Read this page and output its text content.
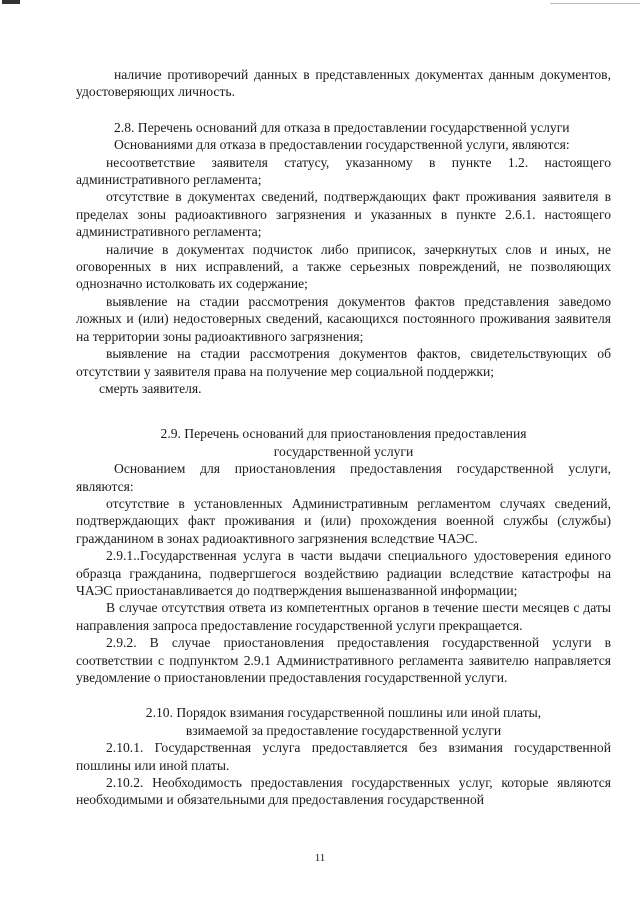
наличие противоречий данных в представленных документах данным документов, удостоверяющих личность.

2.8. Перечень оснований для отказа в предоставлении государственной услуги

Основаниями для отказа в предоставлении государственной услуги, являются:

несоответствие заявителя статусу, указанному в пункте 1.2. настоящего административного регламента;

отсутствие в документах сведений, подтверждающих факт проживания заявителя в пределах зоны радиоактивного загрязнения и указанных в пункте 2.6.1. настоящего административного регламента;

наличие в документах подчисток либо приписок, зачеркнутых слов и иных, не оговоренных в них исправлений, а также серьезных повреждений, не позволяющих однозначно истолковать их содержание;

выявление на стадии рассмотрения документов фактов представления заведомо ложных и (или) недостоверных сведений, касающихся постоянного проживания заявителя на территории зоны радиоактивного загрязнения;

выявление на стадии рассмотрения документов фактов, свидетельствующих об отсутствии у заявителя права на получение мер социальной поддержки;

смерть заявителя.

2.9. Перечень оснований для приостановления предоставления государственной услуги

Основанием для приостановления предоставления государственной услуги, являются:

отсутствие в установленных Административным регламентом случаях сведений, подтверждающих факт проживания и (или) прохождения военной службы (службы) гражданином в зонах радиоактивного загрязнения вследствие ЧАЭС.

2.9.1..Государственная услуга в части выдачи специального удостоверения единого образца гражданина, подвергшегося воздействию радиации вследствие катастрофы на ЧАЭС приостанавливается до подтверждения вышеназванной информации;

В случае отсутствия ответа из компетентных органов в течение шести месяцев с даты направления запроса предоставление государственной услуги прекращается.

2.9.2. В случае приостановления предоставления государственной услуги в соответствии с подпунктом 2.9.1 Административного регламента заявителю направляется уведомление о приостановлении предоставления государственной услуги.

2.10. Порядок взимания государственной пошлины или иной платы, взимаемой за предоставление государственной услуги

2.10.1. Государственная услуга предоставляется без взимания государственной пошлины или иной платы.

2.10.2. Необходимость предоставления государственных услуг, которые являются необходимыми и обязательными для предоставления государственной

11
